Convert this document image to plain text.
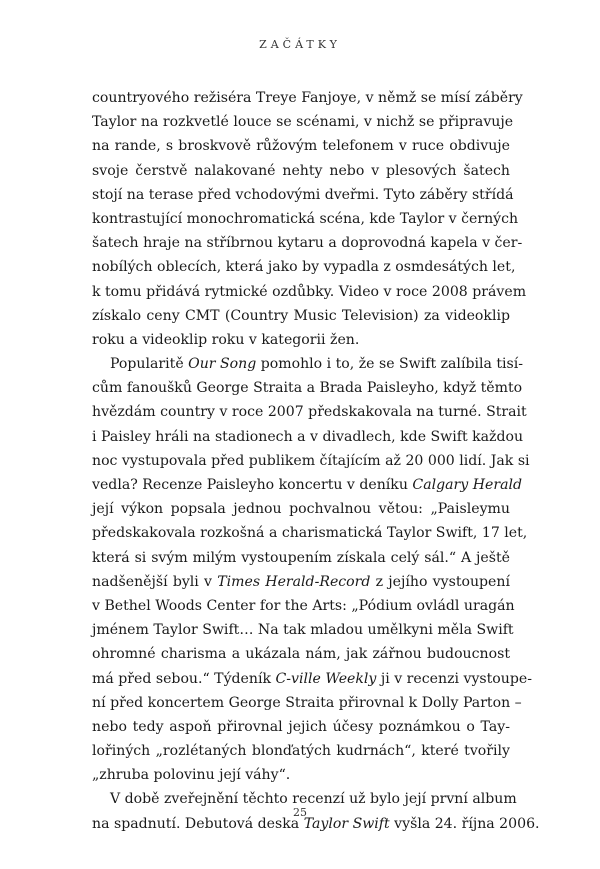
ZAČÁTKY
countryového režiséra Treye Fanjoye, v němž se mísí záběry
Taylor na rozkvetlé louce se scénami, v nichž se připravuje
na rande, s broskvově růžovým telefonem v ruce obdivuje
svoje čerstvě nalakované nehty nebo v plesových šatech
stojí na terase před vchodovými dveřmi. Tyto záběry střídá
kontrastující monochromatická scéna, kde Taylor v černých
šatech hraje na stříbrnou kytaru a doprovodná kapela v čer-
nobílých oblecích, která jako by vypadla z osmdesátých let,
k tomu přidává rytmické ozdůbky. Video v roce 2008 právem
získalo ceny CMT (Country Music Television) za videoklip
roku a videoklip roku v kategorii žen.
Popularitě Our Song pomohlo i to, že se Swift zalíbila tisí-
cům fanoušků George Straita a Brada Paisleyho, když těmto
hvězdám country v roce 2007 předskakovala na turné. Strait
i Paisley hráli na stadionech a v divadlech, kde Swift každou
noc vystupovala před publikem čítajícím až 20 000 lidí. Jak si
vedla? Recenze Paisleyho koncertu v deníku Calgary Herald
její výkon popsala jednou pochvalnou větou: „Paisleymu
předskakovala rozkošná a charismatická Taylor Swift, 17 let,
která si svým milým vystoupením získala celý sál.“ A ještě
nadšenější byli v Times Herald-Record z jejího vystoupení
v Bethel Woods Center for the Arts: „Pódium ovládl uragán
jménem Taylor Swift… Na tak mladou umělkyni měla Swift
ohromné charisma a ukázala nám, jak zářnou budoucnost
má před sebou.“ Týdeník C-ville Weekly ji v recenzi vystoupe-
ní před koncertem George Straita přirovnal k Dolly Parton –
nebo tedy aspoň přirovnal jejich účesy poznámkou o Tay-
lořiných „rozlétaných blonďatých kudrnách“, které tvořily
„zhruba polovinu její váhy“.
V době zveřejnění těchto recenzí už bylo její první album
na spadnutí. Debutová deska Taylor Swift vyšla 24. října 2006.
25
